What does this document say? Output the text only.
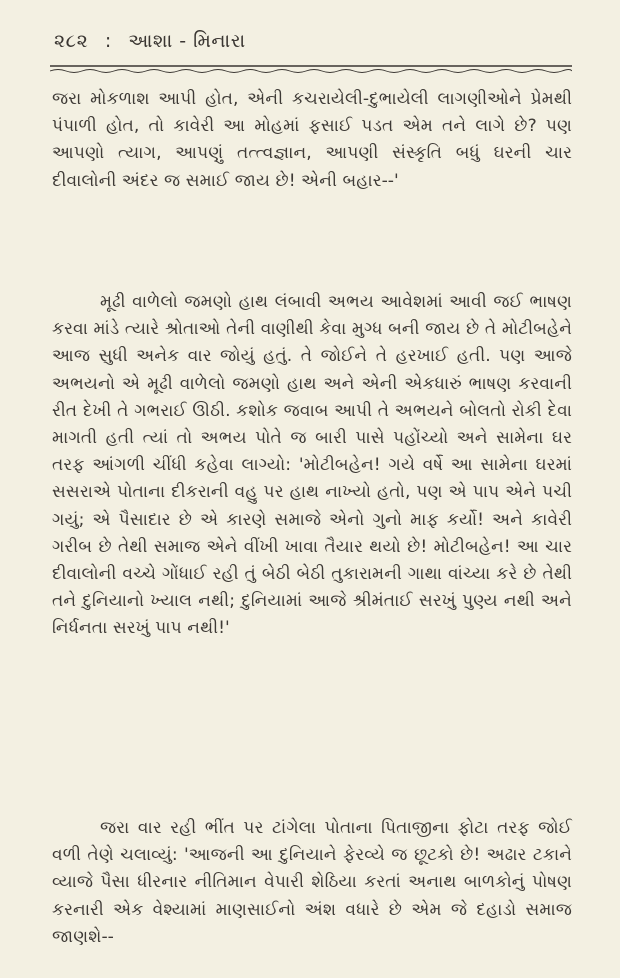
૨૮૨ : આશા - મિનારા

જરા મોકળાશ આપી હોત, એની કચરાયેલી-દુભાયેલી લાગણીઓને પ્રેમથી પંપાળી હોત, તો કાવેરી આ મોહમાં ફસાઈ પડત એમ તને લાગે છે? પણ આપણો ત્યાગ, આપણું તત્ત્વજ્ઞાન, આપણી સંસ્કૃતિ બધું ઘરની ચાર દીવાલોની અંદર જ સમાઈ જાય છે! એની બહાર--'

મૂઢી વાળેલો જમણો હાથ લંબાવી અભય આવેશમાં આવી જઈ ભાષણ કરવા માંડે ત્યારે શ્રોતાઓ તેની વાણીથી કેવા મુગ્ધ બની જાય છે તે મોટીબહેને આજ સુધી અનેક વાર જોયું હતું. તે જોઈને તે હરખાઈ હતી. પણ આજે અભયનો એ મૂઢી વાળેલો જમણો હાથ અને એની એકધારું ભાષણ કરવાની રીત દેખી તે ગભરાઈ ઊઠી. કશોક જવાબ આપી તે અભયને બોલતો રોકી દેવા માગતી હતી ત્યાં તો અભય પોતે જ બારી પાસે પહોંચ્યો અને સામેના ઘર તરફ આંગળી ચીંધી કહેવા લાગ્યો: 'મોટીબહેન! ગયે વર્ષે આ સામેના ઘરમાં સસરાએ પોતાના દીકરાની વહુ પર હાથ નાખ્યો હતો, પણ એ પાપ એને પચી ગયું; એ પૈસાદાર છે એ કારણે સમાજે એનો ગુનો માફ કર્યો! અને કાવેરી ગરીબ છે તેથી સમાજ એને વીંખી ખાવા તૈયાર થયો છે! મોટીબહેન! આ ચાર દીવાલોની વચ્ચે ગોંધાઈ રહી તું બેઠી બેઠી તુકારામની ગાથા વાંચ્યા કરે છે તેથી તને દુનિયાનો ખ્યાલ નથી; દુનિયામાં આજે શ્રીમંતાઈ સરખું પુણ્ય નથી અને નિર્ધનતા સરખું પાપ નથી!'

જરા વાર રહી ભીંત પર ટાંગેલા પોતાના પિતાજીના ફોટા તરફ જોઈ વળી તેણે ચલાવ્યું: 'આજની આ દુનિયાને ફેરવ્યે જ છૂટકો છે! અઢાર ટકાને વ્યાજે પૈસા ધીરનાર નીતિમાન વેપારી શેઠિયા કરતાં અનાથ બાળકોનું પોષણ કરનારી એક વેશ્યામાં માણસાઈનો અંશ વધારે છે એમ જે દહાડો સમાજ જાણશે--
